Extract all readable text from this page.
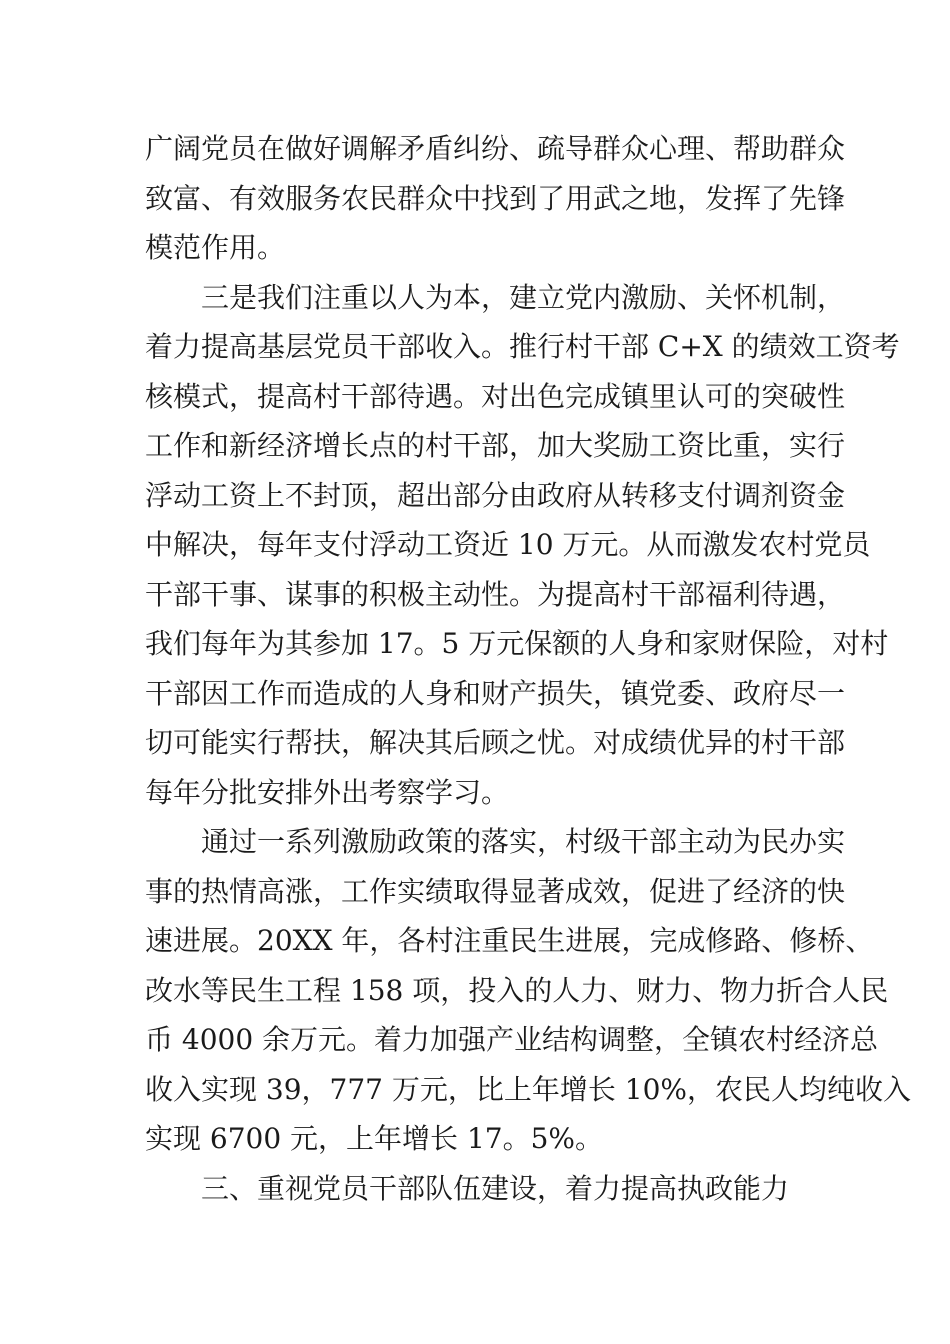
广阔党员在做好调解矛盾纠纷、疏导群众心理、帮助群众
致富、有效服务农民群众中找到了用武之地，发挥了先锋
模范作用。
三是我们注重以人为本，建立党内激励、关怀机制，
着力提高基层党员干部收入。推行村干部 C+X 的绩效工资考
核模式，提高村干部待遇。对出色完成镇里认可的突破性
工作和新经济增长点的村干部，加大奖励工资比重，实行
浮动工资上不封顶，超出部分由政府从转移支付调剂资金
中解决，每年支付浮动工资近 10 万元。从而激发农村党员
干部干事、谋事的积极主动性。为提高村干部福利待遇，
我们每年为其参加 17。5 万元保额的人身和家财保险，对村
干部因工作而造成的人身和财产损失，镇党委、政府尽一
切可能实行帮扶，解决其后顾之忧。对成绩优异的村干部
每年分批安排外出考察学习。
通过一系列激励政策的落实，村级干部主动为民办实
事的热情高涨，工作实绩取得显著成效，促进了经济的快
速进展。20XX 年，各村注重民生进展，完成修路、修桥、
改水等民生工程 158 项，投入的人力、财力、物力折合人民
币 4000 余万元。着力加强产业结构调整，全镇农村经济总
收入实现 39，777 万元，比上年增长 10%，农民人均纯收入
实现 6700 元，上年增长 17。5%。
三、重视党员干部队伍建设，着力提高执政能力
